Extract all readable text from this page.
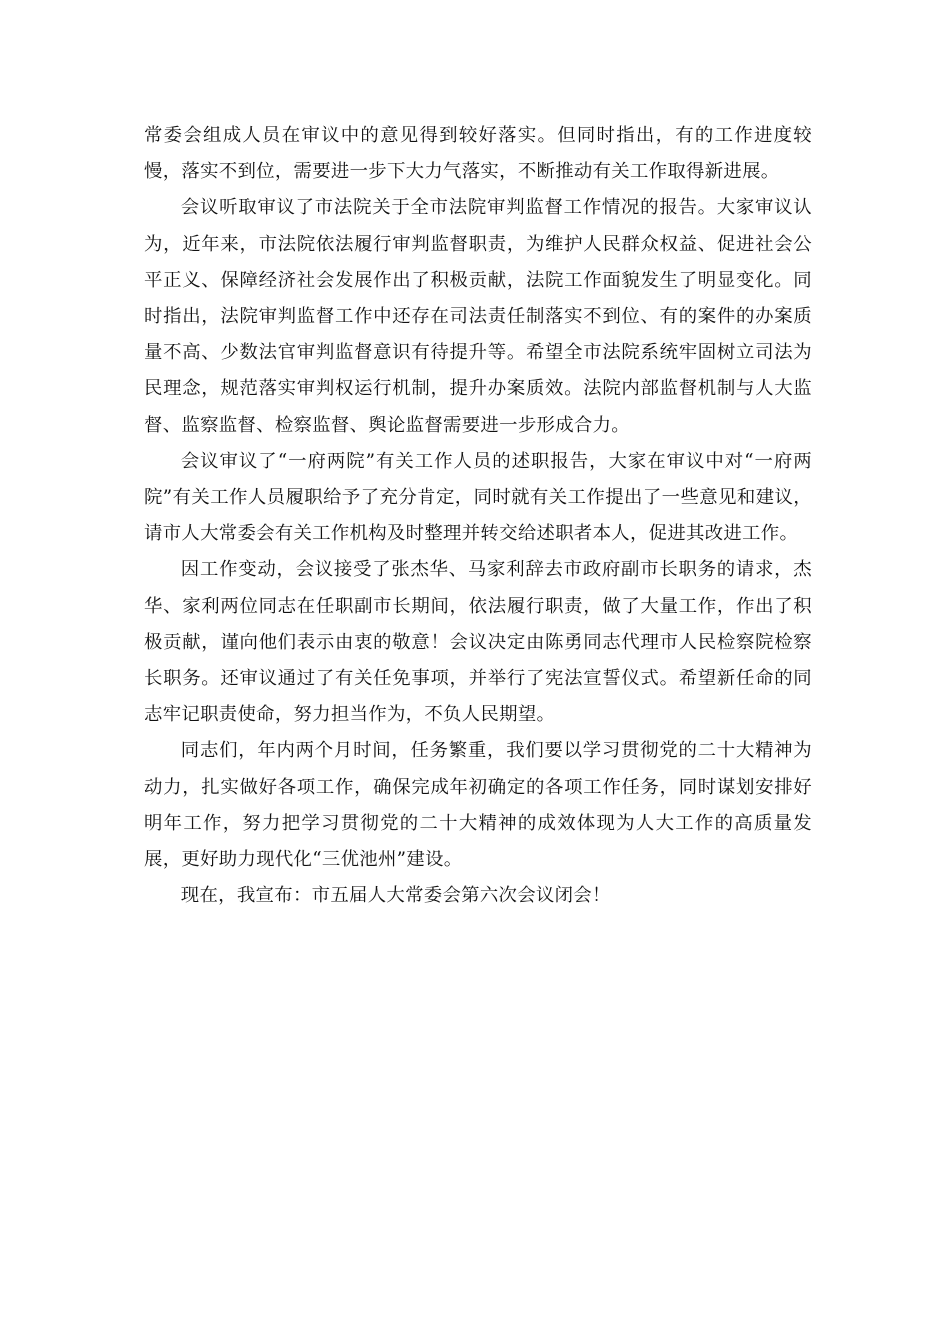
常委会组成人员在审议中的意见得到较好落实。但同时指出，有的工作进度较慢，落实不到位，需要进一步下大力气落实，不断推动有关工作取得新进展。

会议听取审议了市法院关于全市法院审判监督工作情况的报告。大家审议认为，近年来，市法院依法履行审判监督职责，为维护人民群众权益、促进社会公平正义、保障经济社会发展作出了积极贡献，法院工作面貌发生了明显变化。同时指出，法院审判监督工作中还存在司法责任制落实不到位、有的案件的办案质量不高、少数法官审判监督意识有待提升等。希望全市法院系统牢固树立司法为民理念，规范落实审判权运行机制，提升办案质效。法院内部监督机制与人大监督、监察监督、检察监督、舆论监督需要进一步形成合力。

会议审议了“一府两院”有关工作人员的述职报告，大家在审议中对“一府两院”有关工作人员履职给予了充分肯定，同时就有关工作提出了一些意见和建议，请市人大常委会有关工作机构及时整理并转交给述职者本人，促进其改进工作。

因工作变动，会议接受了张杰华、马家利辞去市政府副市长职务的请求，杰华、家利两位同志在任职副市长期间，依法履行职责，做了大量工作，作出了积极贡献，谨向他们表示由衷的敬意！会议决定由陈勇同志代理市人民检察院检察长职务。还审议通过了有关任免事项，并举行了宪法宣誓仪式。希望新任命的同志牢记职责使命，努力担当作为，不负人民期望。

同志们，年内两个月时间，任务繁重，我们要以学习贯彻党的二十大精神为动力，扎实做好各项工作，确保完成年初确定的各项工作任务，同时谋划安排好明年工作，努力把学习贯彻党的二十大精神的成效体现为人大工作的高质量发展，更好助力现代化“三优池州”建设。

现在，我宣布：市五届人大常委会第六次会议闭会！
